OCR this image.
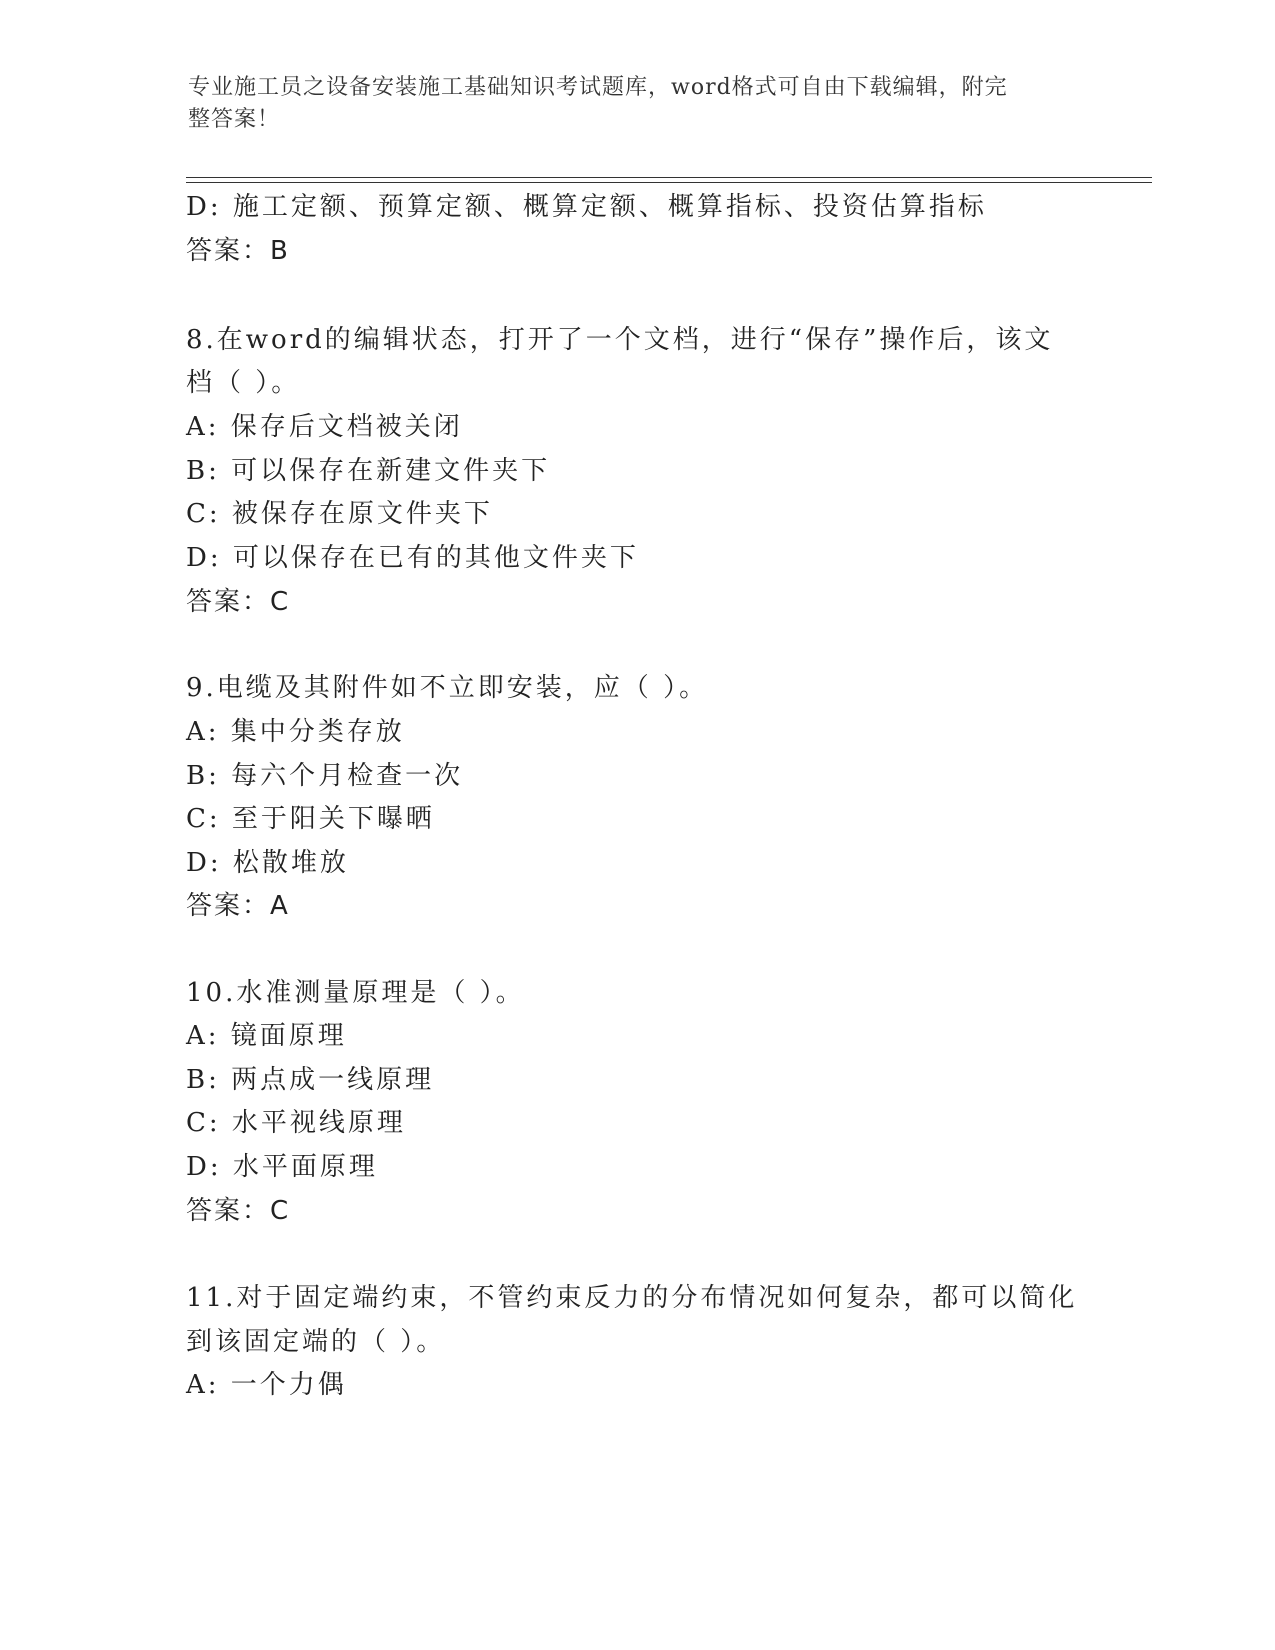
专业施工员之设备安装施工基础知识考试题库，word格式可自由下载编辑，附完
整答案！
D: 施工定额、预算定额、概算定额、概算指标、投资估算指标
答案：B
8.在word的编辑状态，打开了一个文档，进行“保存”操作后，该文
档（ ）。
A: 保存后文档被关闭
B: 可以保存在新建文件夹下
C: 被保存在原文件夹下
D: 可以保存在已有的其他文件夹下
答案：C
9.电缆及其附件如不立即安装，应（ ）。
A: 集中分类存放
B: 每六个月检查一次
C: 至于阳关下曝晒
D: 松散堆放
答案：A
10.水准测量原理是（ ）。
A: 镜面原理
B: 两点成一线原理
C: 水平视线原理
D: 水平面原理
答案：C
11.对于固定端约束，不管约束反力的分布情况如何复杂，都可以简化
到该固定端的（ ）。
A: 一个力偶
